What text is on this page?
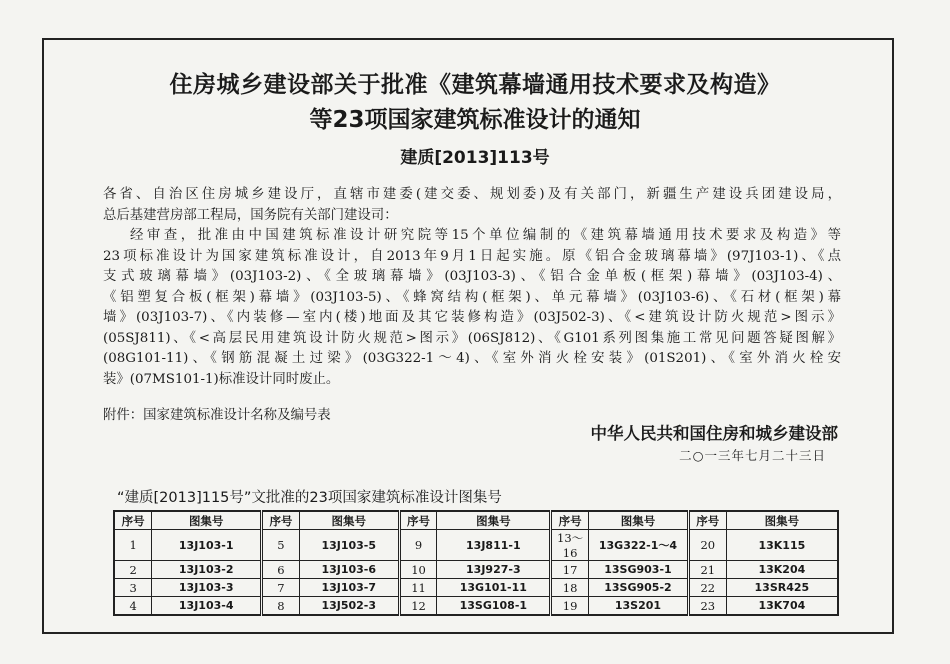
住房城乡建设部关于批准《建筑幕墙通用技术要求及构造》
等23项国家建筑标准设计的通知
建质[2013]113号

各省、自治区住房城乡建设厅，直辖市建委(建交委、规划委)及有关部门，新疆生产建设兵团建设局，

总后基建营房部工程局，国务院有关部门建设司：

经审查，批准由中国建筑标准设计研究院等15个单位编制的《建筑幕墙通用技术要求及构造》等

23项标准设计为国家建筑标准设计，自2013年9月1日起实施。原《铝合金玻璃幕墙》(97J103-1)、《点

支式玻璃幕墙》(03J103-2)、《全玻璃幕墙》(03J103-3)、《铝合金单板(框架)幕墙》(03J103-4)、

《铝塑复合板(框架)幕墙》(03J103-5)、《蜂窝结构(框架)、单元幕墙》(03J103-6)、《石材(框架)幕

墙》(03J103-7)、《内装修—室内(楼)地面及其它装修构造》(03J502-3)、《<建筑设计防火规范>图示》

(05SJ811)、《<高层民用建筑设计防火规范>图示》(06SJ812)、《G101系列图集施工常见问题答疑图解》

(08G101-11)、《钢筋混凝土过梁》(03G322-1～4)、《室外消火栓安装》(01S201)、《室外消火栓安

装》(07MS101-1)标准设计同时废止。

附件：国家建筑标准设计名称及编号表
中华人民共和国住房和城乡建设部
二○一三年七月二十三日
“建质[2013]115号”文批准的23项国家建筑标准设计图集号
序号	图集号	序号	图集号	序号	图集号	序号	图集号	序号	图集号
1	13J103-1	5	13J103-5	9	13J811-1	13～16	13G322-1～4	20	13K115
2	13J103-2	6	13J103-6	10	13J927-3	17	13SG903-1	21	13K204
3	13J103-3	7	13J103-7	11	13G101-11	18	13SG905-2	22	13SR425
4	13J103-4	8	13J502-3	12	13SG108-1	19	13S201	23	13K704
